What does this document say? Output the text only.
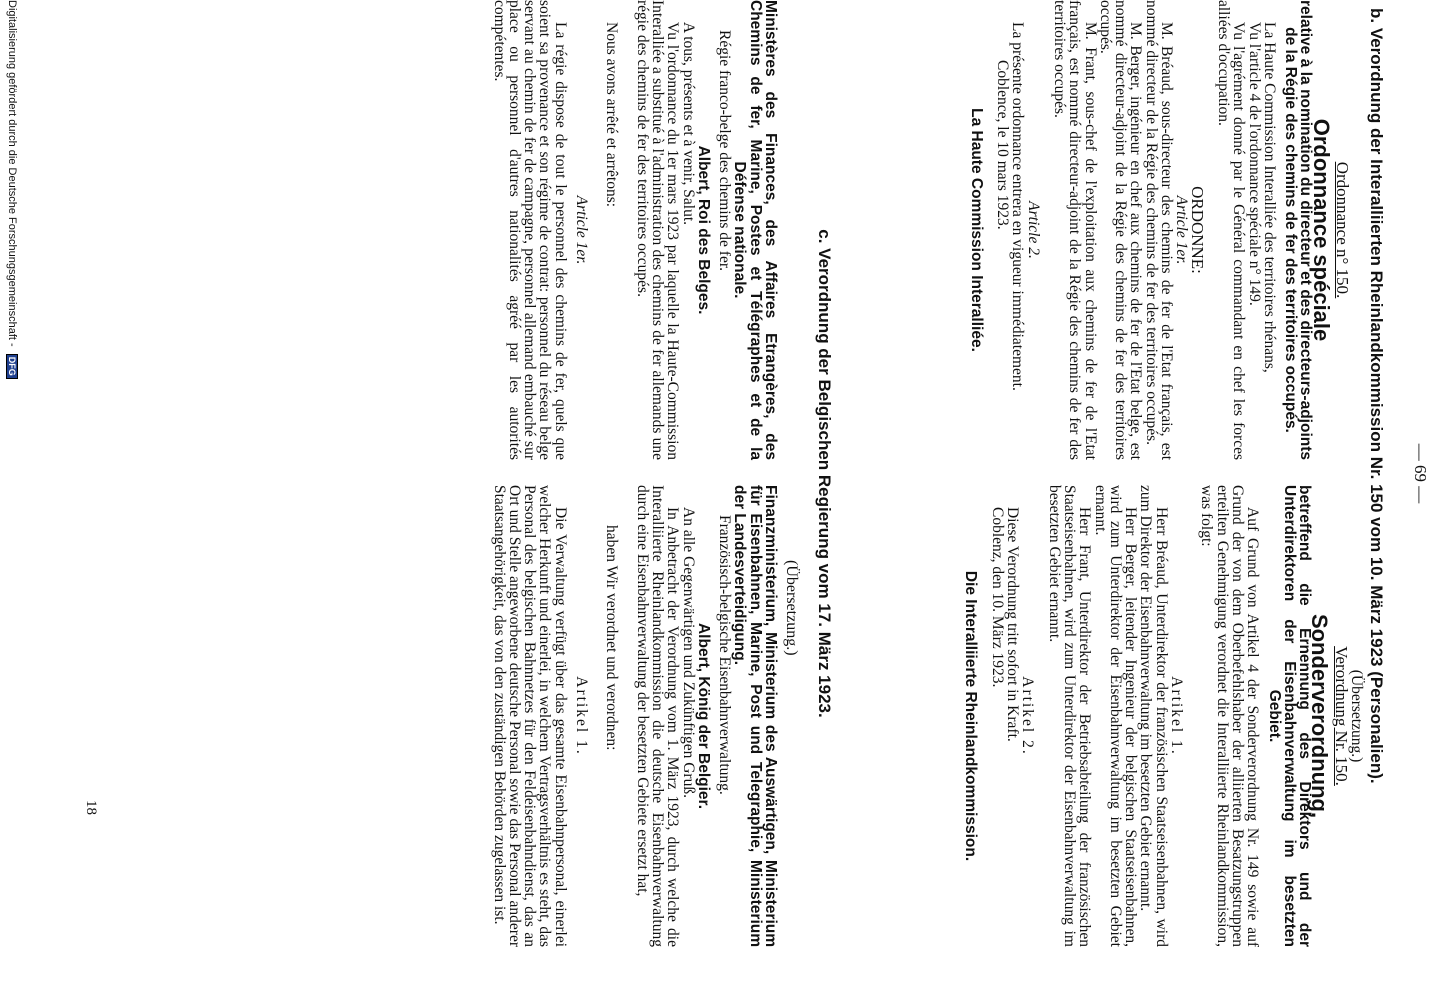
— 69 —
b. Verordnung der Interalliierten Rheinlandkommission Nr. 150 vom 10. März 1923 (Personalien).
Ordonnance n° 150.
Ordonnance spéciale
relative à la nomination du directeur et des directeurs-adjoints de la Régie des chemins de fer des territoires occupés.

La Haute Commission Interalliée des territoires rhénans,

Vu l'article 4 de l'ordonnance spéciale n° 149.

Vu l'agrément donné par le Général commandant en chef les forces alliées d'occupation.

ORDONNE:
Article 1er.

M. Bréaud, sous-directeur des chemins de fer de l'Etat français, est nommé directeur de la Régie des chemins de fer des territoires occupés.

M. Berger, ingénieur en chef aux chemins de fer de l'Etat belge, est nommé directeur-adjoint de la Régie des chemins de fer des territoires occupés.

M. Frant, sous-chef de l'exploitation aux chemins de fer de l'Etat français, est nommé directeur-adjoint de la Régie des chemins de fer des territoires occupés.

Article 2.

La présente ordonnance entrera en vigueur immédiatement.

Coblence, le 10 mars 1923.

La Haute Commission Interalliée.
(Übersetzung.)
Verordnung Nr. 150.
Sonderverordnung,
betreffend die Ernennung des Direktors und der Unterdirektoren der Eisenbahnverwaltung im besetzten Gebiet.

Auf Grund von Artikel 4 der Sonderverordnung Nr. 149 sowie auf Grund der von dem Oberbefehlshaber der alliierten Besatzungstruppen erteilten Genehmigung verordnet die Interalliierte Rheinlandkommission, was folgt:

Artikel 1.

Herr Bréaud, Unterdirektor der französischen Staatseisenbahnen, wird zum Direktor der Eisenbahnverwaltung im besetzten Gebiet ernannt.

Herr Berger, leitender Ingenieur der belgischen Staatseisenbahnen, wird zum Unterdirektor der Eisenbahnverwaltung im besetzten Gebiet ernannt.

Herr Frant, Unterdirektor der Betriebsabteilung der französischen Staatseisenbahnen, wird zum Unterdirektor der Eisenbahnverwaltung im besetzten Gebiet ernannt.

Artikel 2.

Diese Verordnung tritt sofort in Kraft.

Coblenz, den 10. März 1923.

Die Interalliierte Rheinlandkommission.
c. Verordnung der Belgischen Regierung vom 17. März 1923.
(Übersetzung.)
Ministères des Finances, des Affaires Etrangères, des Chemins de fer, Marine, Postes et Télégraphes et de la Défense nationale.

Régie franco-belge des chemins de fer.

Albert, Roi des Belges.

A tous, présents et à venir, Salut.

Vu l'ordonnance du 1er mars 1923 par laquelle la Haute-Commission Interalliée a substitué à l'administration des chemins de fer allemands une régie des chemins de fer des territoires occupés.

Nous avons arrêté et arrêtons:

Article 1er.

La régie dispose de tout le personnel des chemins de fer, quels que soient sa provenance et son régime de contrat: personnel du réseau belge servant au chemin de fer de campagne, personnel allemand embauché sur place ou personnel d'autres nationalités agréé par les autorités compétentes.

Finanzministerium, Ministerium des Auswärtigen, Ministerium für Eisenbahnen, Marine, Post und Telegraphie, Ministerium der Landesverteidigung.

Französisch-belgische Eisenbahnverwaltung.

Albert, König der Belgier.

An alle Gegenwärtigen und Zukünftigen Gruß.

In Anbetracht der Verordnung vom 1. März 1923, durch welche die Interalliierte Rheinlandkommission die deutsche Eisenbahnverwaltung durch eine Eisenbahnverwaltung der besetzten Gebiete ersetzt hat,

haben Wir verordnet und verordnen:

Artikel 1.

Die Verwaltung verfügt über das gesamte Eisenbahnpersonal, einerlei welcher Herkunft und einerlei, in welchem Vertragsverhältnis es steht, das Personal des belgischen Bahnnetzes für den Feldeisenbahndienst, das an Ort und Stelle angeworbene deutsche Personal sowie das Personal anderer Staatsangehörigkeit, das von den zuständigen Behörden zugelassen ist.

18
Digitalisierung gefördert durch die Deutsche Forschungsgemeinschaft - DFG
